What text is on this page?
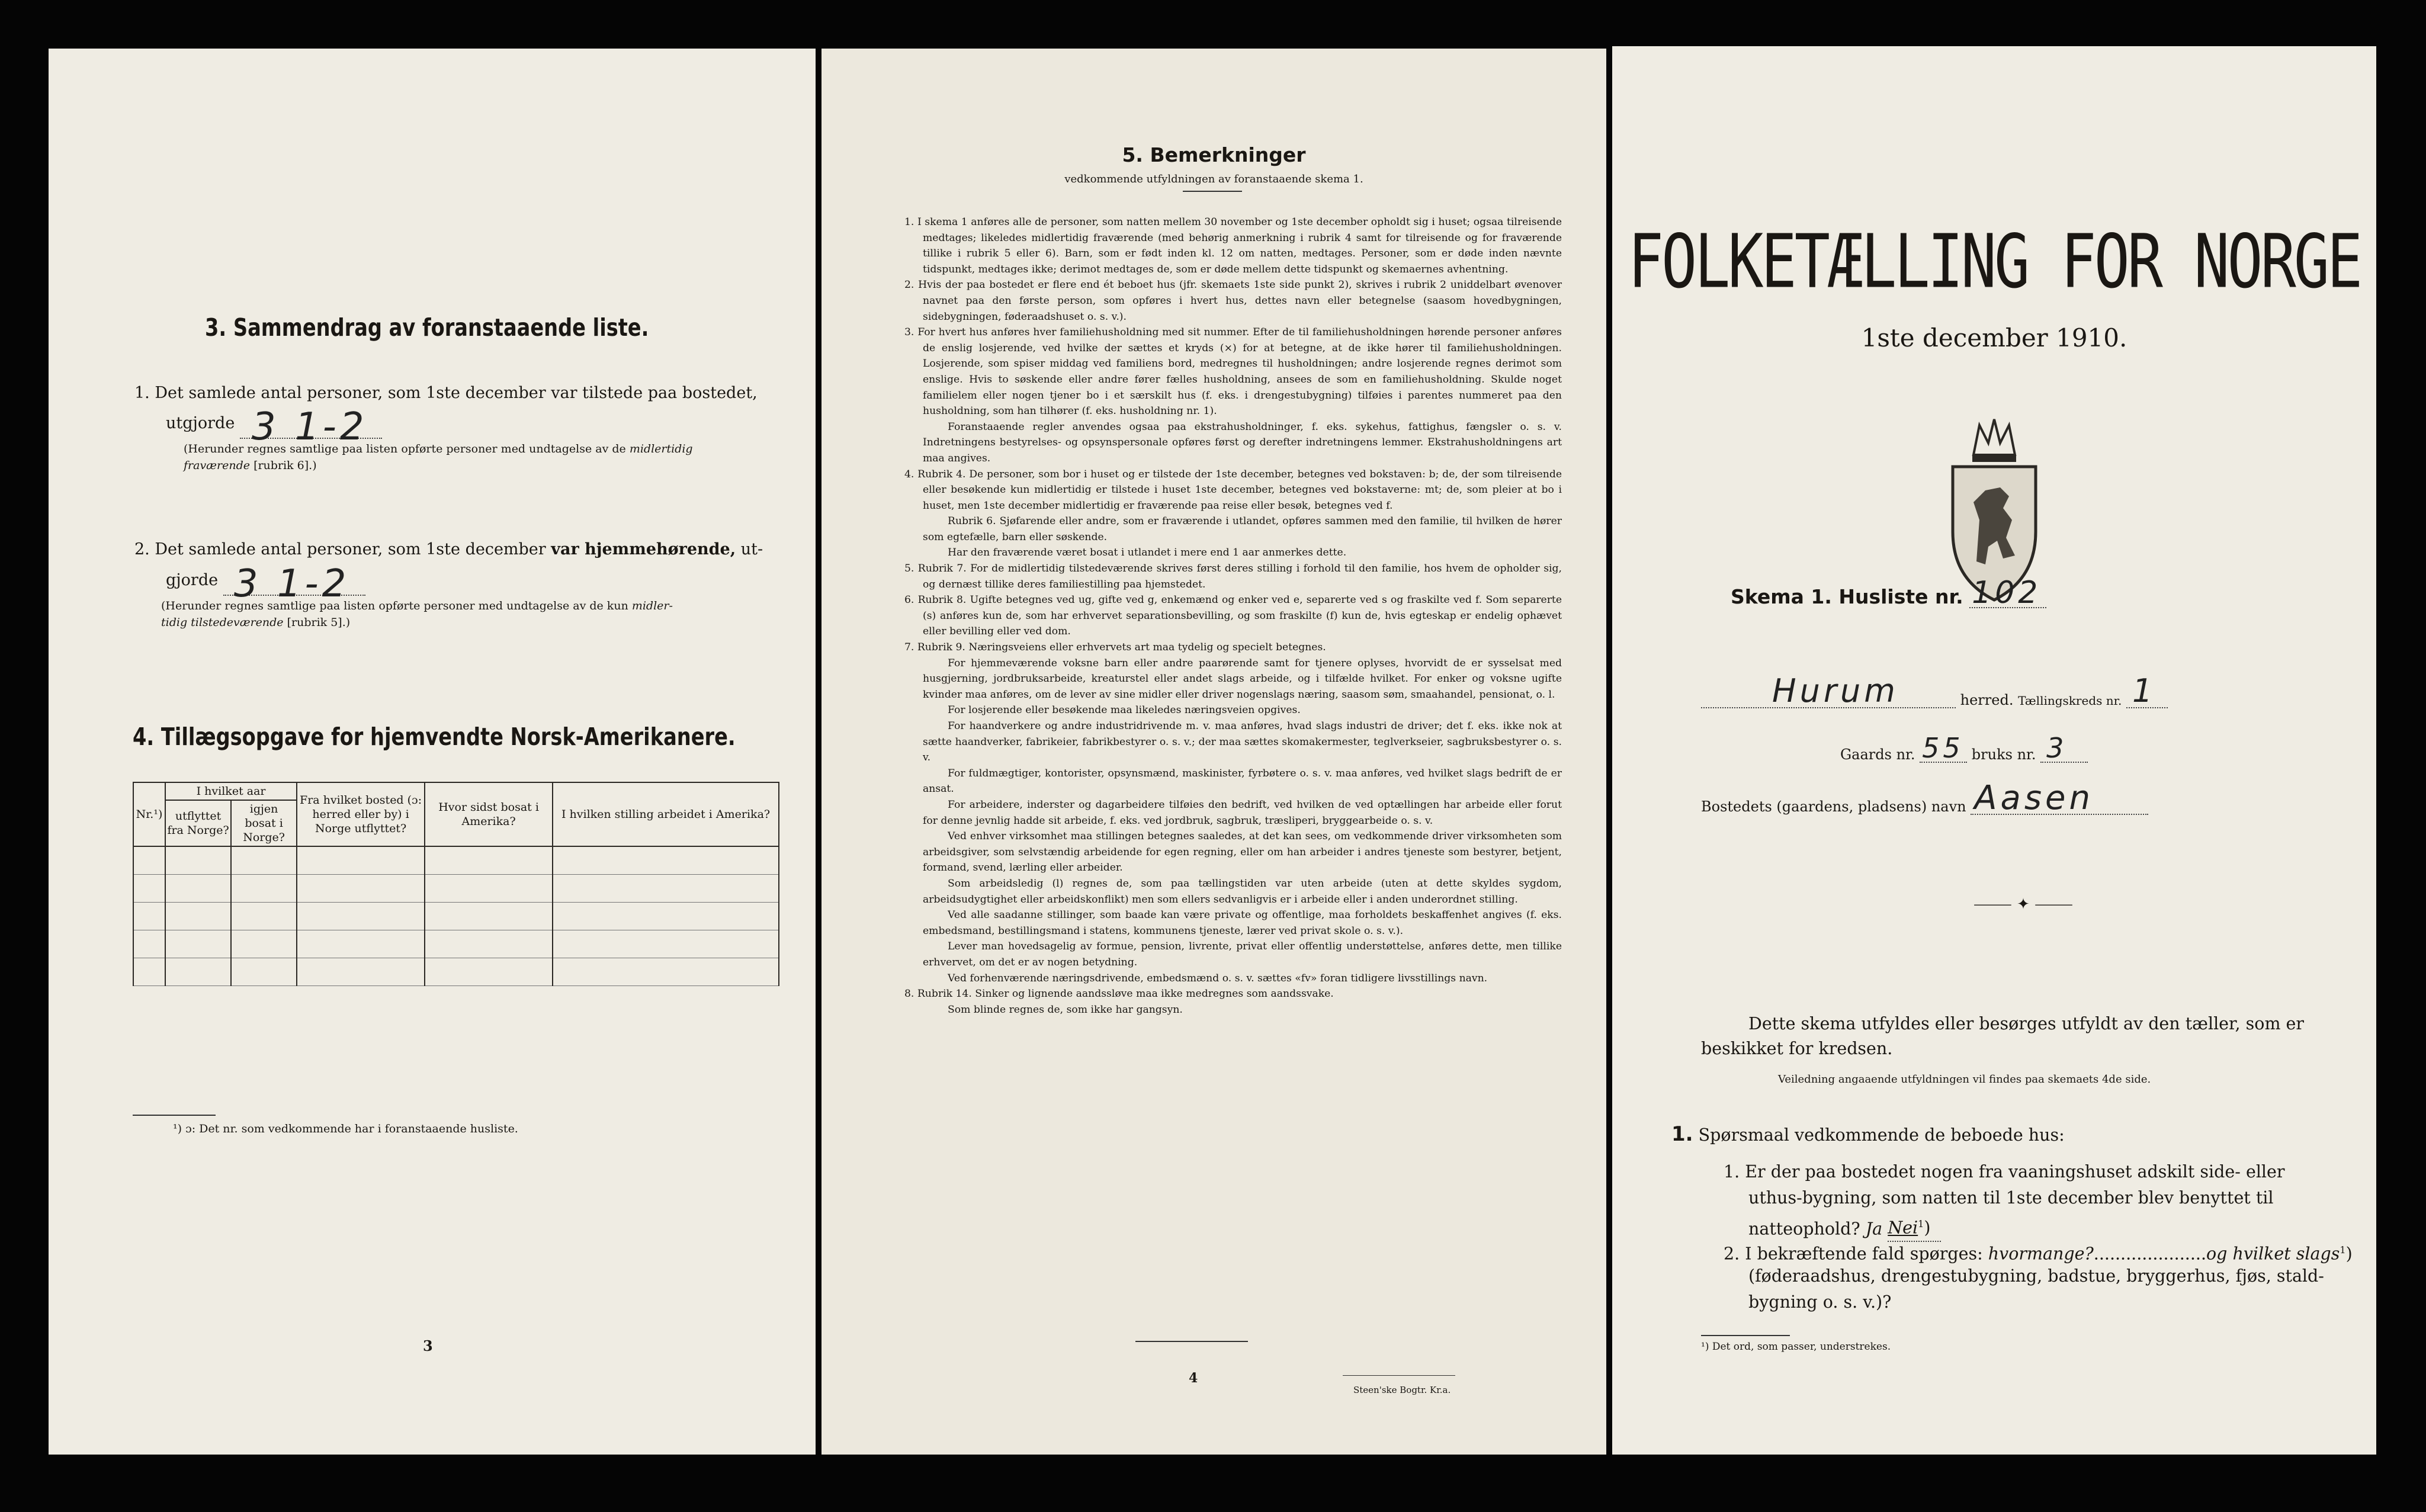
3. Sammendrag av foranstaaende liste.
1. Det samlede antal personer, som 1ste december var tilstede paa bostedet,
utgjorde 3 1-2
(Herunder regnes samtlige paa listen opførte personer med undtagelse av de midlertidig
fraværende [rubrik 6].)
2. Det samlede antal personer, som 1ste december var hjemmehørende, ut-
gjorde 3 1-2
(Herunder regnes samtlige paa listen opførte personer med undtagelse av de kun midler-
tidig tilstedeværende [rubrik 5].)
4. Tillægsopgave for hjemvendte Norsk-Amerikanere.
Nr.¹)	I hvilket aar		Fra hvilket bosted (ɔ: herred eller by) i Norge utflyttet?	Hvor sidst bosat i Amerika?	I hvilken stilling arbeidet i Amerika?
	utflyttet fra Norge?	igjen bosat i Norge?			

¹) ɔ: Det nr. som vedkommende har i foranstaaende husliste.
3
5. Bemerkninger
vedkommende utfyldningen av foranstaaende skema 1.

1. I skema 1 anføres alle de personer, som natten mellem 30 november og 1ste december opholdt sig i huset; ogsaa tilreisende medtages; likeledes midlertidig fraværende (med behørig anmerkning i rubrik 4 samt for tilreisende og for fraværende tillike i rubrik 5 eller 6). Barn, som er født inden kl. 12 om natten, medtages. Personer, som er døde inden nævnte tidspunkt, medtages ikke; derimot medtages de, som er døde mellem dette tidspunkt og skemaernes avhentning.

2. Hvis der paa bostedet er flere end ét beboet hus (jfr. skemaets 1ste side punkt 2), skrives i rubrik 2 uniddelbart øvenover navnet paa den første person, som opføres i hvert hus, dettes navn eller betegnelse (saasom hovedbygningen, sidebygningen, føderaadshuset o. s. v.).

3. For hvert hus anføres hver familiehusholdning med sit nummer. Efter de til familiehusholdningen hørende personer anføres de enslig losjerende, ved hvilke der sættes et kryds (×) for at betegne, at de ikke hører til familiehusholdningen. Losjerende, som spiser middag ved familiens bord, medregnes til husholdningen; andre losjerende regnes derimot som enslige. Hvis to søskende eller andre fører fælles husholdning, ansees de som en familiehusholdning. Skulde noget familielem eller nogen tjener bo i et særskilt hus (f. eks. i drengestubygning) tilføies i parentes nummeret paa den husholdning, som han tilhører (f. eks. husholdning nr. 1).

Foranstaaende regler anvendes ogsaa paa ekstrahusholdninger, f. eks. sykehus, fattighus, fængsler o. s. v. Indretningens bestyrelses- og opsynspersonale opføres først og derefter indretningens lemmer. Ekstrahusholdningens art maa angives.

4. Rubrik 4. De personer, som bor i huset og er tilstede der 1ste december, betegnes ved bokstaven: b; de, der som tilreisende eller besøkende kun midlertidig er tilstede i huset 1ste december, betegnes ved bokstaverne: mt; de, som pleier at bo i huset, men 1ste december midlertidig er fraværende paa reise eller besøk, betegnes ved f.

Rubrik 6. Sjøfarende eller andre, som er fraværende i utlandet, opføres sammen med den familie, til hvilken de hører som egtefælle, barn eller søskende.

Har den fraværende været bosat i utlandet i mere end 1 aar anmerkes dette.

5. Rubrik 7. For de midlertidig tilstedeværende skrives først deres stilling i forhold til den familie, hos hvem de opholder sig, og dernæst tillike deres familiestilling paa hjemstedet.

6. Rubrik 8. Ugifte betegnes ved ug, gifte ved g, enkemænd og enker ved e, separerte ved s og fraskilte ved f. Som separerte (s) anføres kun de, som har erhvervet separationsbevilling, og som fraskilte (f) kun de, hvis egteskap er endelig ophævet eller bevilling eller ved dom.

7. Rubrik 9. Næringsveiens eller erhvervets art maa tydelig og specielt betegnes.

For hjemmeværende voksne barn eller andre paarørende samt for tjenere oplyses, hvorvidt de er sysselsat med husgjerning, jordbruksarbeide, kreaturstel eller andet slags arbeide, og i tilfælde hvilket. For enker og voksne ugifte kvinder maa anføres, om de lever av sine midler eller driver nogenslags næring, saasom søm, smaahandel, pensionat, o. l.

For losjerende eller besøkende maa likeledes næringsveien opgives.

For haandverkere og andre industridrivende m. v. maa anføres, hvad slags industri de driver; det f. eks. ikke nok at sætte haandverker, fabrikeier, fabrikbestyrer o. s. v.; der maa sættes skomakermester, teglverkseier, sagbruksbestyrer o. s. v.

For fuldmægtiger, kontorister, opsynsmænd, maskinister, fyrbøtere o. s. v. maa anføres, ved hvilket slags bedrift de er ansat.

For arbeidere, inderster og dagarbeidere tilføies den bedrift, ved hvilken de ved optællingen har arbeide eller forut for denne jevnlig hadde sit arbeide, f. eks. ved jordbruk, sagbruk, træsliperi, bryggearbeide o. s. v.

Ved enhver virksomhet maa stillingen betegnes saaledes, at det kan sees, om vedkommende driver virksomheten som arbeidsgiver, som selvstændig arbeidende for egen regning, eller om han arbeider i andres tjeneste som bestyrer, betjent, formand, svend, lærling eller arbeider.

Som arbeidsledig (l) regnes de, som paa tællingstiden var uten arbeide (uten at dette skyldes sygdom, arbeidsudygtighet eller arbeidskonflikt) men som ellers sedvanligvis er i arbeide eller i anden underordnet stilling.

Ved alle saadanne stillinger, som baade kan være private og offentlige, maa forholdets beskaffenhet angives (f. eks. embedsmand, bestillingsmand i statens, kommunens tjeneste, lærer ved privat skole o. s. v.).

Lever man hovedsagelig av formue, pension, livrente, privat eller offentlig understøttelse, anføres dette, men tillike erhvervet, om det er av nogen betydning.

Ved forhenværende næringsdrivende, embedsmænd o. s. v. sættes «fv» foran tidligere livsstillings navn.

8. Rubrik 14. Sinker og lignende aandssløve maa ikke medregnes som aandssvake.

Som blinde regnes de, som ikke har gangsyn.

4
Steen'ske Bogtr. Kr.a.
FOLKETÆLLING FOR NORGE
1ste december 1910.
Skema 1. Husliste nr. 102
Hurum	herred. Tællingskreds nr. 1
Gaards nr. 55 bruks nr. 3
Bostedets (gaardens, pladsens) navn Aasen
⸻ ✦ ⸻
Dette skema utfyldes eller besørges utfyldt av den tæller, som er
beskikket for kredsen.
Veiledning angaaende utfyldningen vil findes paa skemaets 4de side.
1. Spørsmaal vedkommende de beboede hus:
1. Er der paa bostedet nogen fra vaaningshuset adskilt side- eller
uthus-bygning, som natten til 1ste december blev benyttet til
natteophold? Ja Nei$^1$)
2. I bekræftende fald spørges: hvormange?.....................og hvilket slags$^1$)
(føderaadshus, drengestubygning, badstue, bryggerhus, fjøs, stald-
bygning o. s. v.)?
¹) Det ord, som passer, understrekes.
